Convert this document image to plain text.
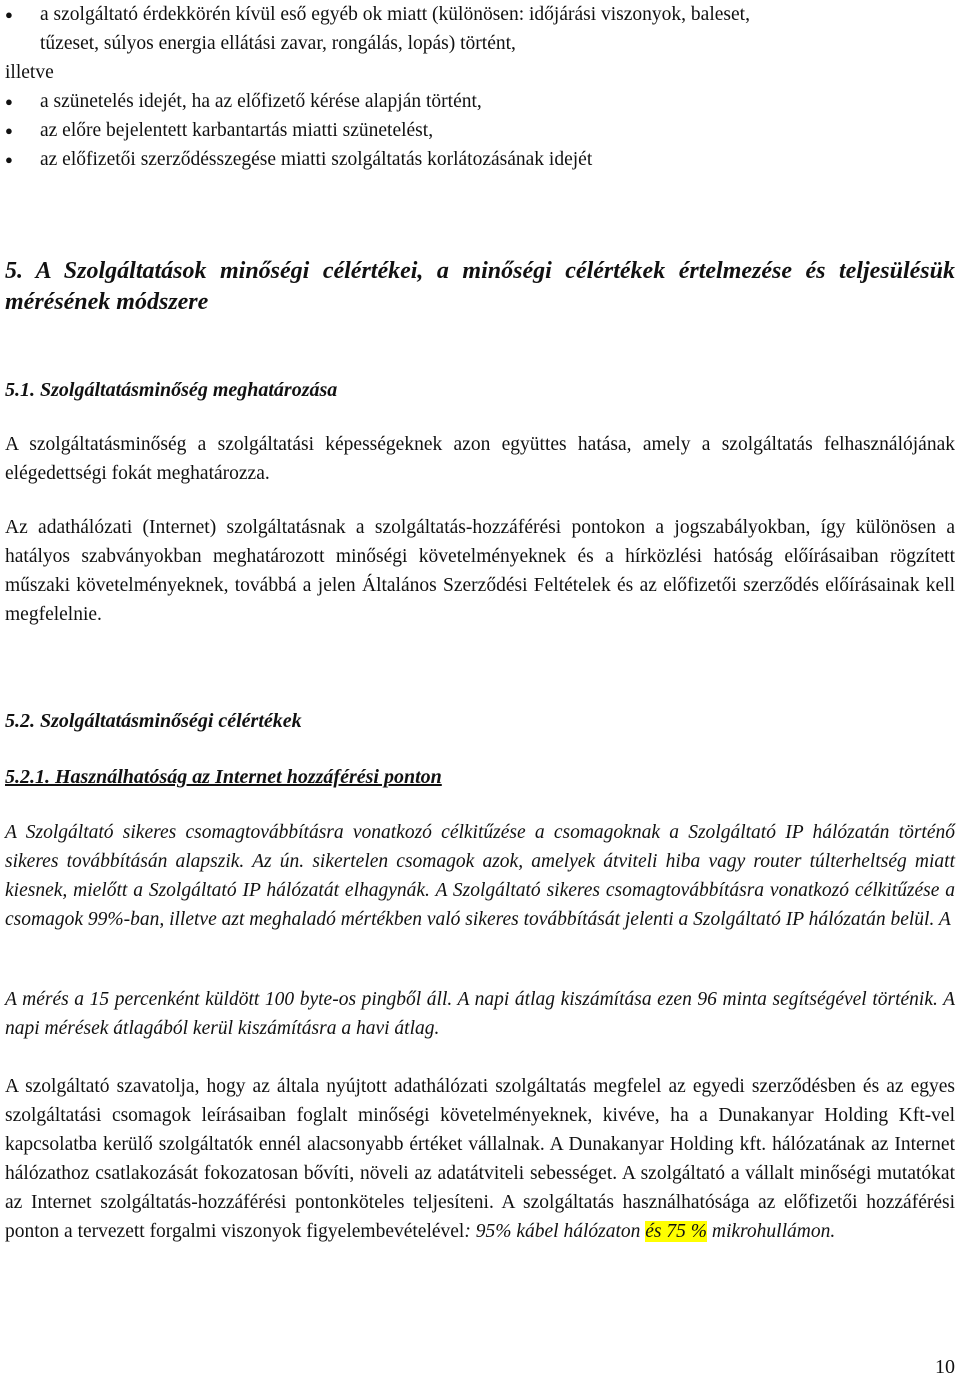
● a szolgáltató érdekkörén kívül eső egyéb ok miatt (különösen: időjárási viszonyok, baleset,
tűzeset, súlyos energia ellátási zavar, rongálás, lopás) történt,
illetve
● a szünetelés idejét, ha az előfizető kérése alapján történt,
● az előre bejelentett karbantartás miatti szünetelést,
● az előfizetői szerződésszegése miatti szolgáltatás korlátozásának idejét
5. A Szolgáltatások minőségi célértékei, a minőségi célértékek értelmezése és teljesülésük mérésének módszere
5.1. Szolgáltatásminőség meghatározása

A szolgáltatásminőség a szolgáltatási képességeknek azon együttes hatása, amely a szolgáltatás felhasználójának elégedettségi fokát meghatározza.

Az adathálózati (Internet) szolgáltatásnak a szolgáltatás-hozzáférési pontokon a jogszabályokban, így különösen a hatályos szabványokban meghatározott minőségi követelményeknek és a hírközlési hatóság előírásaiban rögzített műszaki követelményeknek, továbbá a jelen Általános Szerződési Feltételek és az előfizetői szerződés előírásainak kell megfelelnie.

5.2. Szolgáltatásminőségi célértékek
5.2.1. Használhatóság az Internet hozzáférési ponton

A Szolgáltató sikeres csomagtovábbításra vonatkozó célkitűzése a csomagoknak a Szolgáltató IP hálózatán történő sikeres továbbításán alapszik. Az ún. sikertelen csomagok azok, amelyek átviteli hiba vagy router túlterheltség miatt kiesnek, mielőtt a Szolgáltató IP hálózatát elhagynák. A Szolgáltató sikeres csomagtovábbításra vonatkozó célkitűzése a csomagok 99%-ban, illetve azt meghaladó mértékben való sikeres továbbítását jelenti a Szolgáltató IP hálózatán belül. A

A mérés a 15 percenként küldött 100 byte-os pingből áll. A napi átlag kiszámítása ezen 96 minta segítségével történik. A napi mérések átlagából kerül kiszámításra a havi átlag.

A szolgáltató szavatolja, hogy az általa nyújtott adathálózati szolgáltatás megfelel az egyedi szerződésben és az egyes szolgáltatási csomagok leírásaiban foglalt minőségi követelményeknek, kivéve, ha a Dunakanyar Holding Kft-vel kapcsolatba kerülő szolgáltatók ennél alacsonyabb értéket vállalnak. A Dunakanyar Holding kft. hálózatának az Internet hálózathoz csatlakozását fokozatosan bővíti, növeli az adatátviteli sebességet. A szolgáltató a vállalt minőségi mutatókat az Internet szolgáltatás-hozzáférési pontonköteles teljesíteni. A szolgáltatás használhatósága az előfizetői hozzáférési ponton a tervezett forgalmi viszonyok figyelembevételével: 95% kábel hálózaton és 75 % mikrohullámon.

10
